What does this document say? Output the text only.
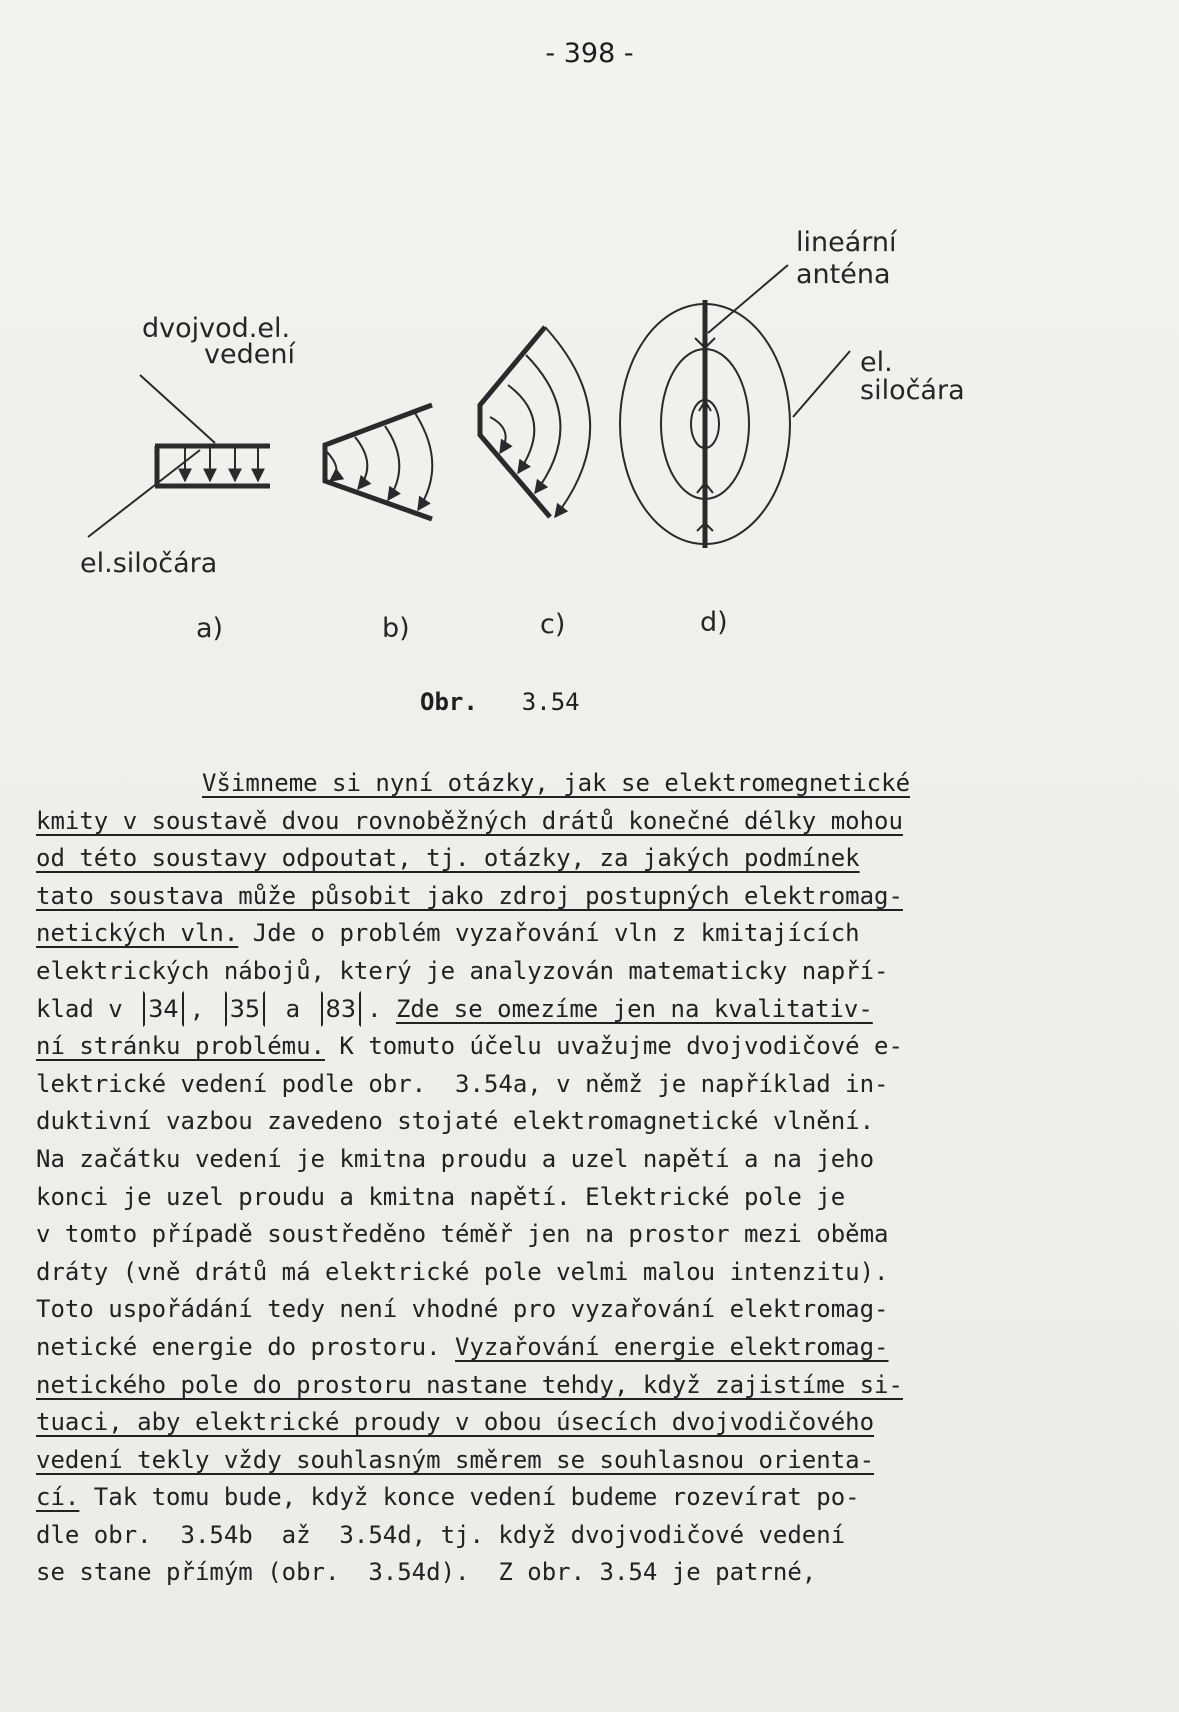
- 398 -
dvojvod.el.
vedení
el.siločára
lineární
anténa
el.
siločára
a)	b)	c)	d)
Obr. 3.54
Všimneme si nyní otázky, jak se elektromegnetické
kmity v soustavě dvou rovnoběžných drátů konečné délky mohou
od této soustavy odpoutat, tj. otázky, za jakých podmínek
tato soustava může působit jako zdroj postupných elektromag-
netických vln. Jde o problém vyzařování vln z kmitajících
elektrických nábojů, který je analyzován matematicky napří-
klad v 34 , 35 a 83 . Zde se omezíme jen na kvalitativ-
ní stránku problému. K tomuto účelu uvažujme dvojvodičové e-
lektrické vedení podle obr.  3.54a, v němž je například in-
duktivní vazbou zavedeno stojaté elektromagnetické vlnění.
Na začátku vedení je kmitna proudu a uzel napětí a na jeho
konci je uzel proudu a kmitna napětí. Elektrické pole je
v tomto případě soustředěno téměř jen na prostor mezi oběma
dráty (vně drátů má elektrické pole velmi malou intenzitu).
Toto uspořádání tedy není vhodné pro vyzařování elektromag-
netické energie do prostoru. Vyzařování energie elektromag-
netického pole do prostoru nastane tehdy, když zajistíme si-
tuaci, aby elektrické proudy v obou úsecích dvojvodičového
vedení tekly vždy souhlasným směrem se souhlasnou orienta-
cí. Tak tomu bude, když konce vedení budeme rozevírat po-
dle obr.  3.54b  až  3.54d, tj. když dvojvodičové vedení
se stane přímým (obr.  3.54d).  Z obr. 3.54 je patrné,
